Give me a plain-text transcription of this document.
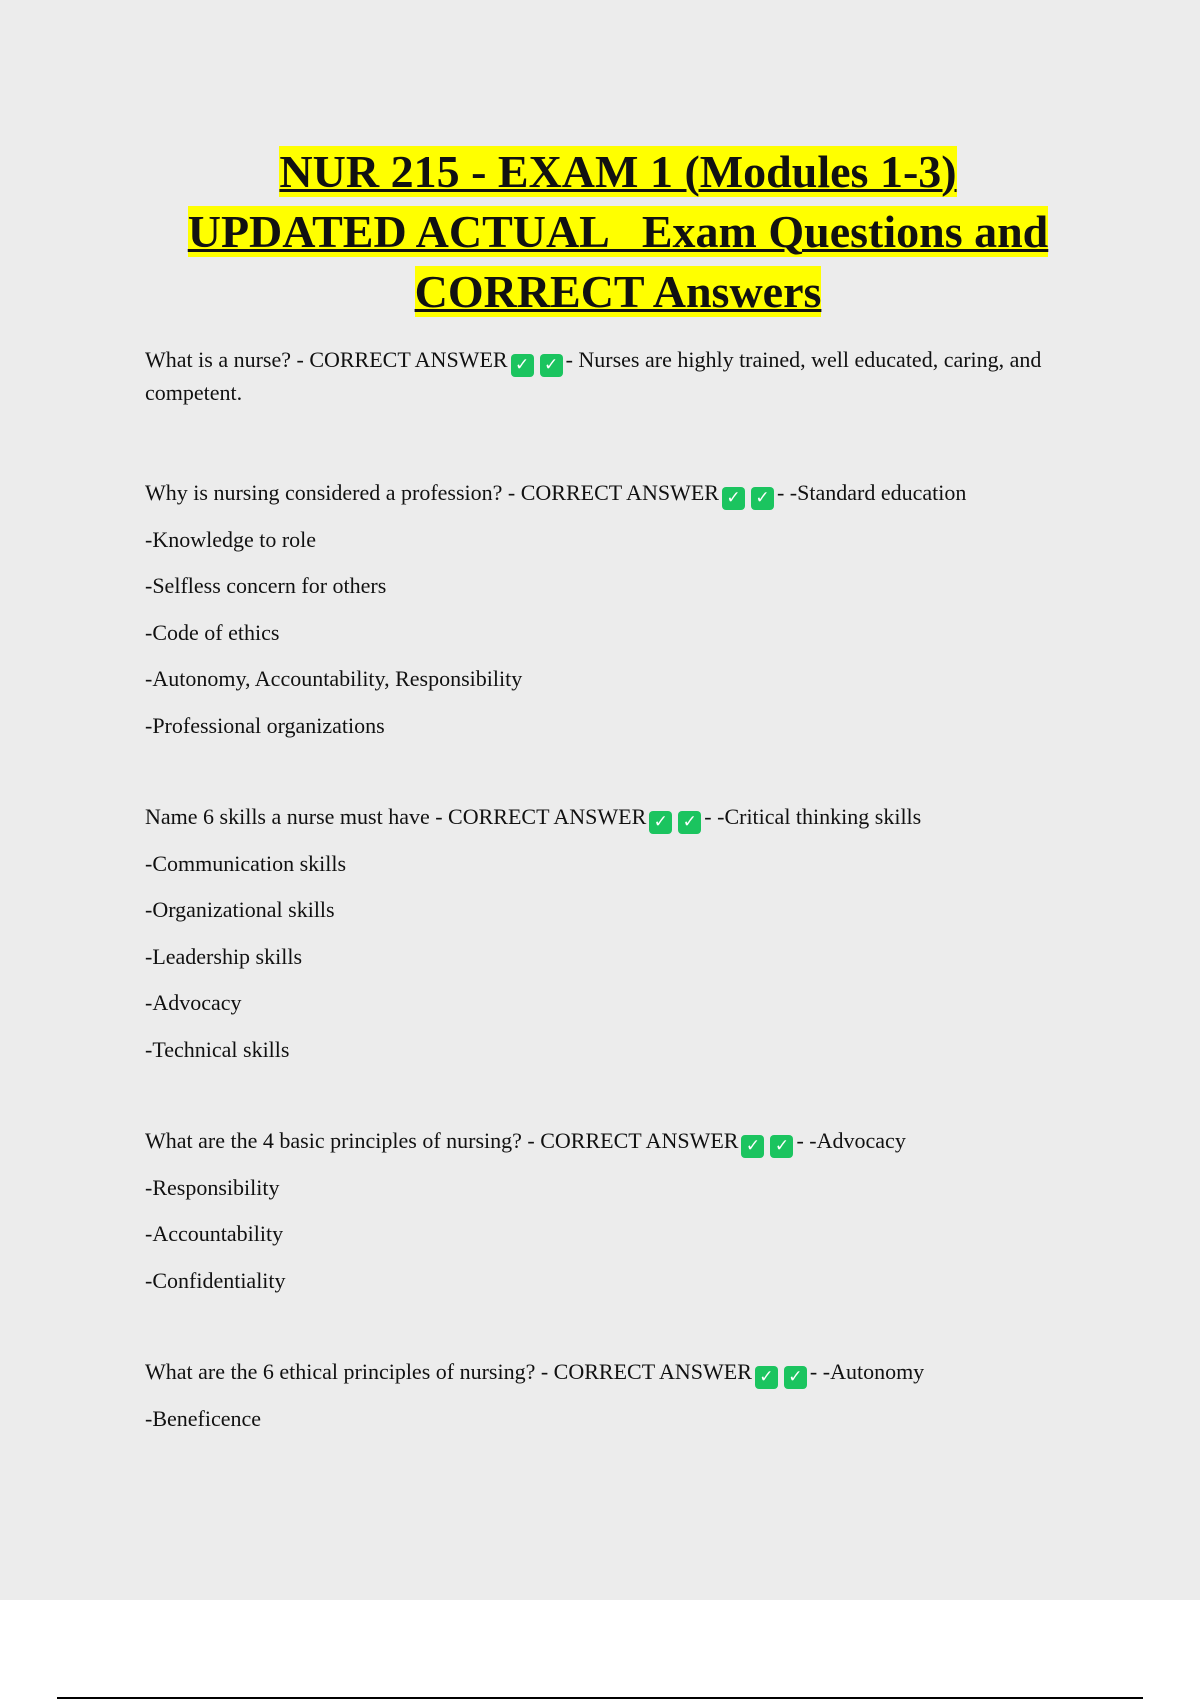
NUR 215 - EXAM 1 (Modules 1-3)
UPDATED ACTUAL   Exam Questions and
CORRECT Answers
What is a nurse? - CORRECT ANSWER ✓ ✓ - Nurses are highly trained, well educated, caring, and competent.
Why is nursing considered a profession? - CORRECT ANSWER ✓ ✓ - -Standard education
-Knowledge to role
-Selfless concern for others
-Code of ethics
-Autonomy, Accountability, Responsibility
-Professional organizations
Name 6 skills a nurse must have - CORRECT ANSWER ✓ ✓ - -Critical thinking skills
-Communication skills
-Organizational skills
-Leadership skills
-Advocacy
-Technical skills
What are the 4 basic principles of nursing? - CORRECT ANSWER ✓ ✓ - -Advocacy
-Responsibility
-Accountability
-Confidentiality
What are the 6 ethical principles of nursing? - CORRECT ANSWER ✓ ✓ - -Autonomy
-Beneficence
